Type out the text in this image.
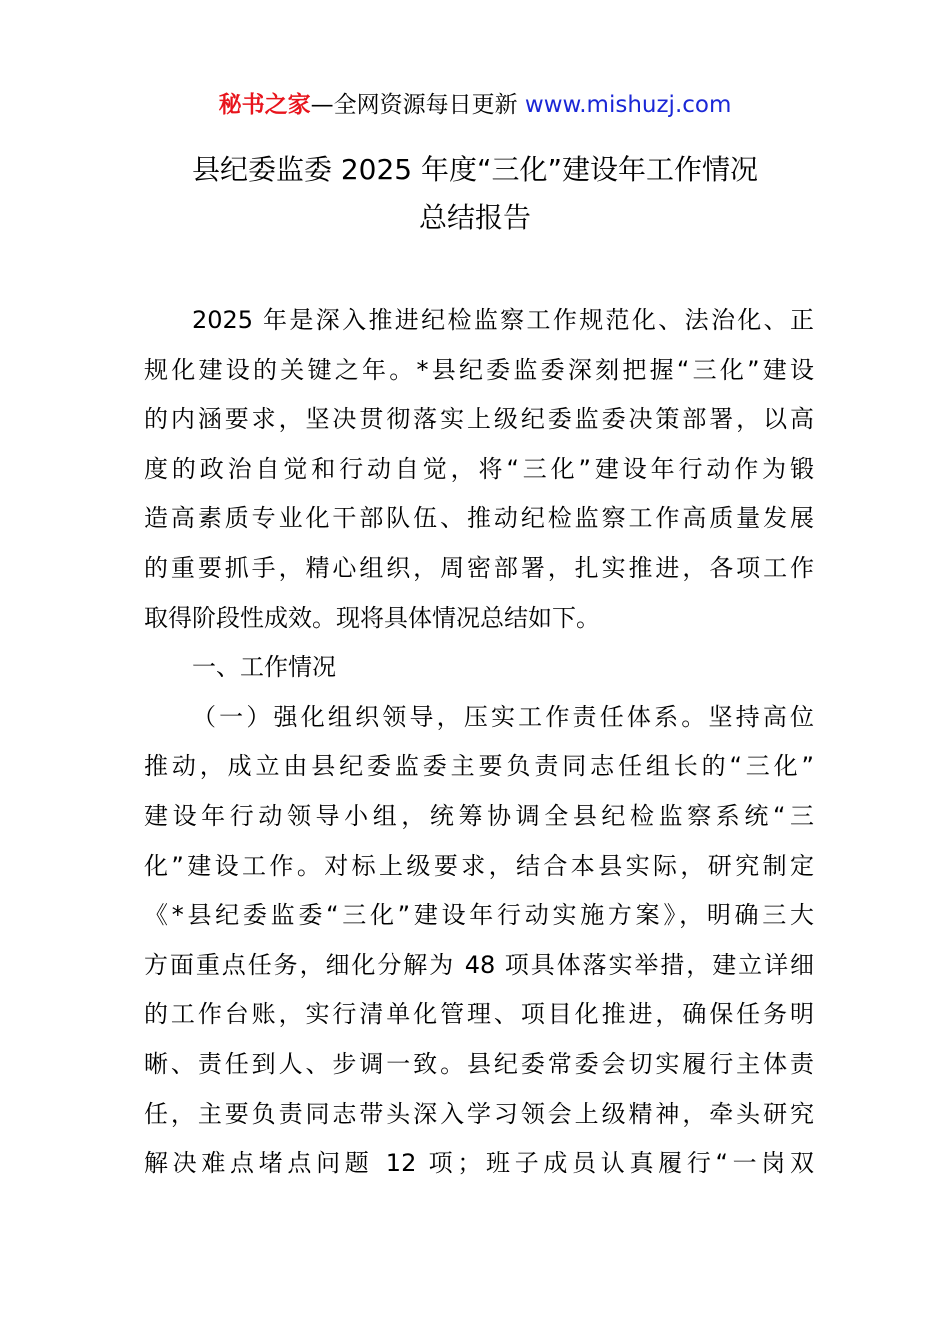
秘书之家—全网资源每日更新 www.mishuzj.com
县纪委监委 2025 年度“三化”建设年工作情况
总结报告
2025 年是深入推进纪检监察工作规范化、法治化、正
规化建设的关键之年。*县纪委监委深刻把握“三化”建设
的内涵要求，坚决贯彻落实上级纪委监委决策部署，以高
度的政治自觉和行动自觉，将“三化”建设年行动作为锻
造高素质专业化干部队伍、推动纪检监察工作高质量发展
的重要抓手，精心组织，周密部署，扎实推进，各项工作
取得阶段性成效。现将具体情况总结如下。
一、工作情况
（一）强化组织领导，压实工作责任体系。坚持高位
推动，成立由县纪委监委主要负责同志任组长的“三化”
建设年行动领导小组，统筹协调全县纪检监察系统“三
化”建设工作。对标上级要求，结合本县实际，研究制定
《*县纪委监委“三化”建设年行动实施方案》，明确三大
方面重点任务，细化分解为 48 项具体落实举措，建立详细
的工作台账，实行清单化管理、项目化推进，确保任务明
晰、责任到人、步调一致。县纪委常委会切实履行主体责
任，主要负责同志带头深入学习领会上级精神，牵头研究
解决难点堵点问题 12 项；班子成员认真履行“一岗双
